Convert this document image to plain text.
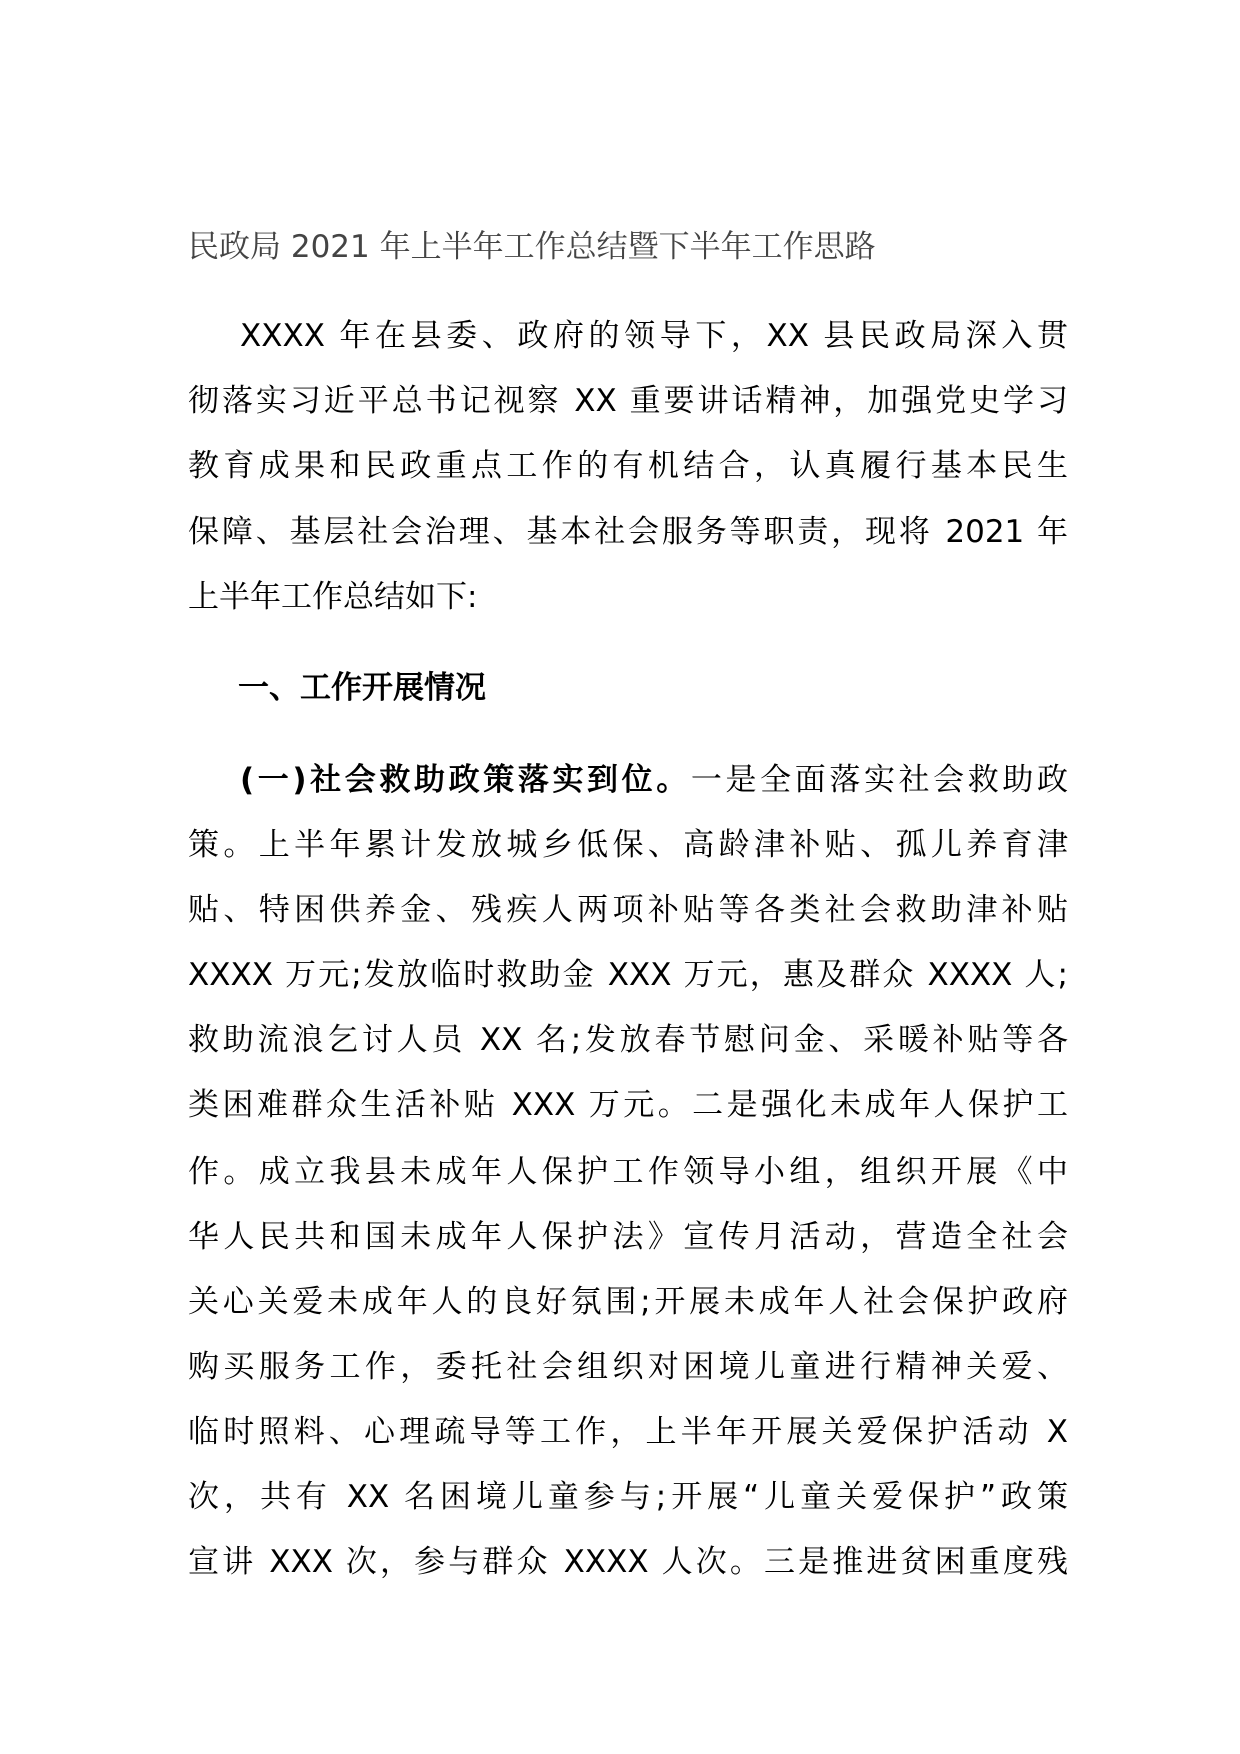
民政局 2021 年上半年工作总结暨下半年工作思路
XXXX 年在县委、政府的领导下，XX 县民政局深入贯
彻落实习近平总书记视察 XX 重要讲话精神，加强党史学习
教育成果和民政重点工作的有机结合，认真履行基本民生
保障、基层社会治理、基本社会服务等职责，现将 2021 年
上半年工作总结如下:
一、工作开展情况
(一)社会救助政策落实到位。一是全面落实社会救助政
策。上半年累计发放城乡低保、高龄津补贴、孤儿养育津
贴、特困供养金、残疾人两项补贴等各类社会救助津补贴
XXXX 万元;发放临时救助金 XXX 万元，惠及群众 XXXX 人;
救助流浪乞讨人员 XX 名;发放春节慰问金、采暖补贴等各
类困难群众生活补贴 XXX 万元。二是强化未成年人保护工
作。成立我县未成年人保护工作领导小组，组织开展《中
华人民共和国未成年人保护法》宣传月活动，营造全社会
关心关爱未成年人的良好氛围;开展未成年人社会保护政府
购买服务工作，委托社会组织对困境儿童进行精神关爱、
临时照料、心理疏导等工作，上半年开展关爱保护活动 X
次，共有 XX 名困境儿童参与;开展“儿童关爱保护”政策
宣讲 XXX 次，参与群众 XXXX 人次。三是推进贫困重度残
